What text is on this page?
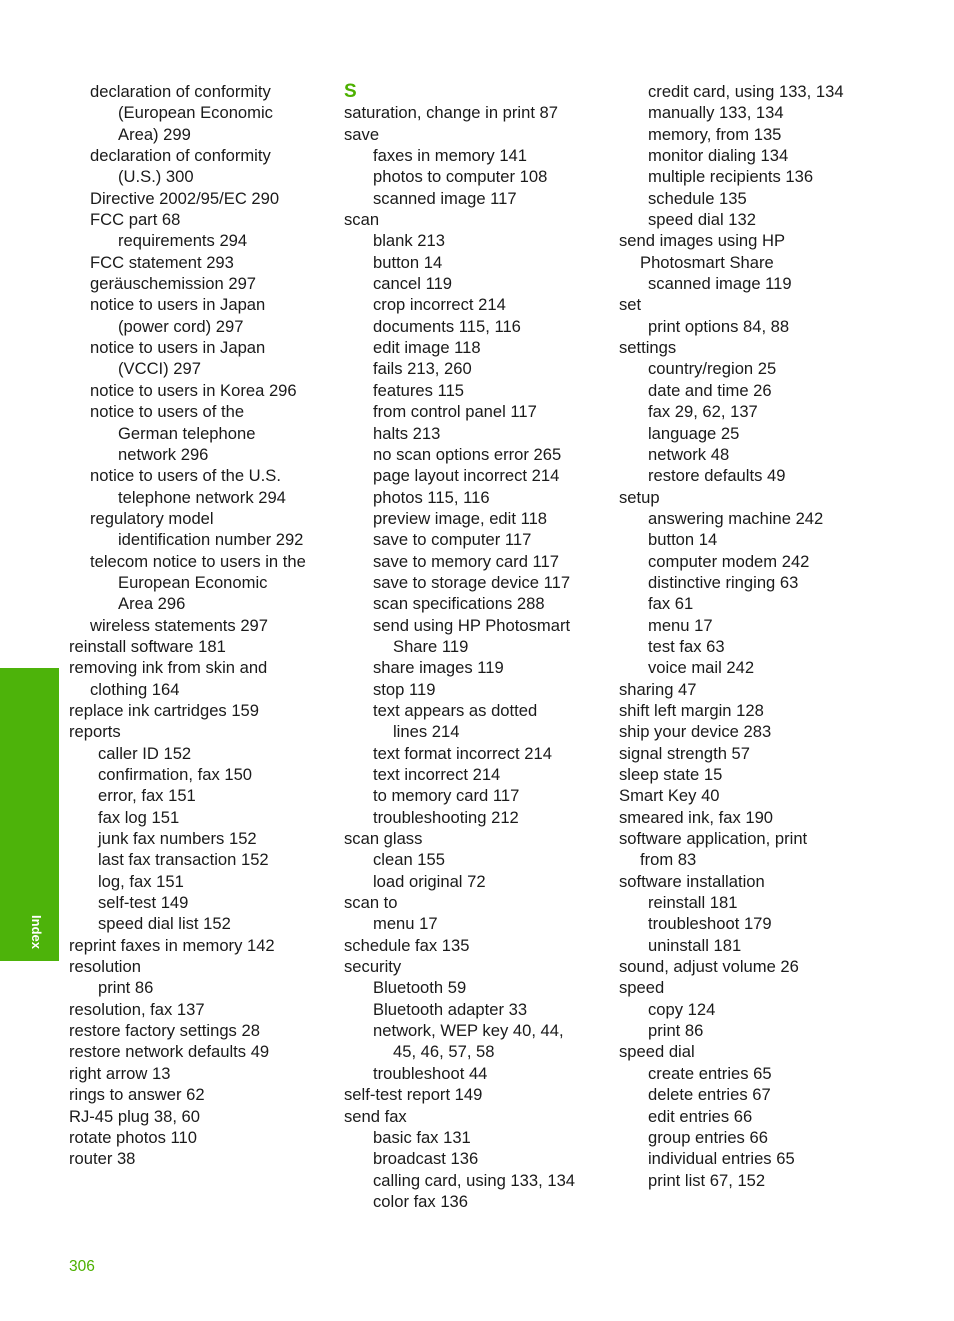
declaration of conformity
(European Economic
Area) 299
declaration of conformity
(U.S.) 300
Directive 2002/95/EC 290
FCC part 68
requirements 294
FCC statement 293
geräuschemission 297
notice to users in Japan
(power cord) 297
notice to users in Japan
(VCCI) 297
notice to users in Korea 296
notice to users of the
German telephone
network 296
notice to users of the U.S.
telephone network 294
regulatory model
identification number 292
telecom notice to users in the
European Economic
Area 296
wireless statements 297
reinstall software 181
removing ink from skin and
clothing 164
replace ink cartridges 159
reports
caller ID 152
confirmation, fax 150
error, fax 151
fax log 151
junk fax numbers 152
last fax transaction 152
log, fax 151
self-test 149
speed dial list 152
reprint faxes in memory 142
resolution
print 86
resolution, fax 137
restore factory settings 28
restore network defaults 49
right arrow 13
rings to answer 62
RJ-45 plug 38, 60
rotate photos 110
router 38
S
saturation, change in print 87
save
faxes in memory 141
photos to computer 108
scanned image 117
scan
blank 213
button 14
cancel 119
crop incorrect 214
documents 115, 116
edit image 118
fails 213, 260
features 115
from control panel 117
halts 213
no scan options error 265
page layout incorrect 214
photos 115, 116
preview image, edit 118
save to computer 117
save to memory card 117
save to storage device 117
scan specifications 288
send using HP Photosmart
Share 119
share images 119
stop 119
text appears as dotted
lines 214
text format incorrect 214
text incorrect 214
to memory card 117
troubleshooting 212
scan glass
clean 155
load original 72
scan to
menu 17
schedule fax 135
security
Bluetooth 59
Bluetooth adapter 33
network, WEP key 40, 44,
45, 46, 57, 58
troubleshoot 44
self-test report 149
send fax
basic fax 131
broadcast 136
calling card, using 133, 134
color fax 136
credit card, using 133, 134
manually 133, 134
memory, from 135
monitor dialing 134
multiple recipients 136
schedule 135
speed dial 132
send images using HP
Photosmart Share
scanned image 119
set
print options 84, 88
settings
country/region 25
date and time 26
fax 29, 62, 137
language 25
network 48
restore defaults 49
setup
answering machine 242
button 14
computer modem 242
distinctive ringing 63
fax 61
menu 17
test fax 63
voice mail 242
sharing 47
shift left margin 128
ship your device 283
signal strength 57
sleep state 15
Smart Key 40
smeared ink, fax 190
software application, print
from 83
software installation
reinstall 181
troubleshoot 179
uninstall 181
sound, adjust volume 26
speed
copy 124
print 86
speed dial
create entries 65
delete entries 67
edit entries 66
group entries 66
individual entries 65
print list 67, 152
Index
306
